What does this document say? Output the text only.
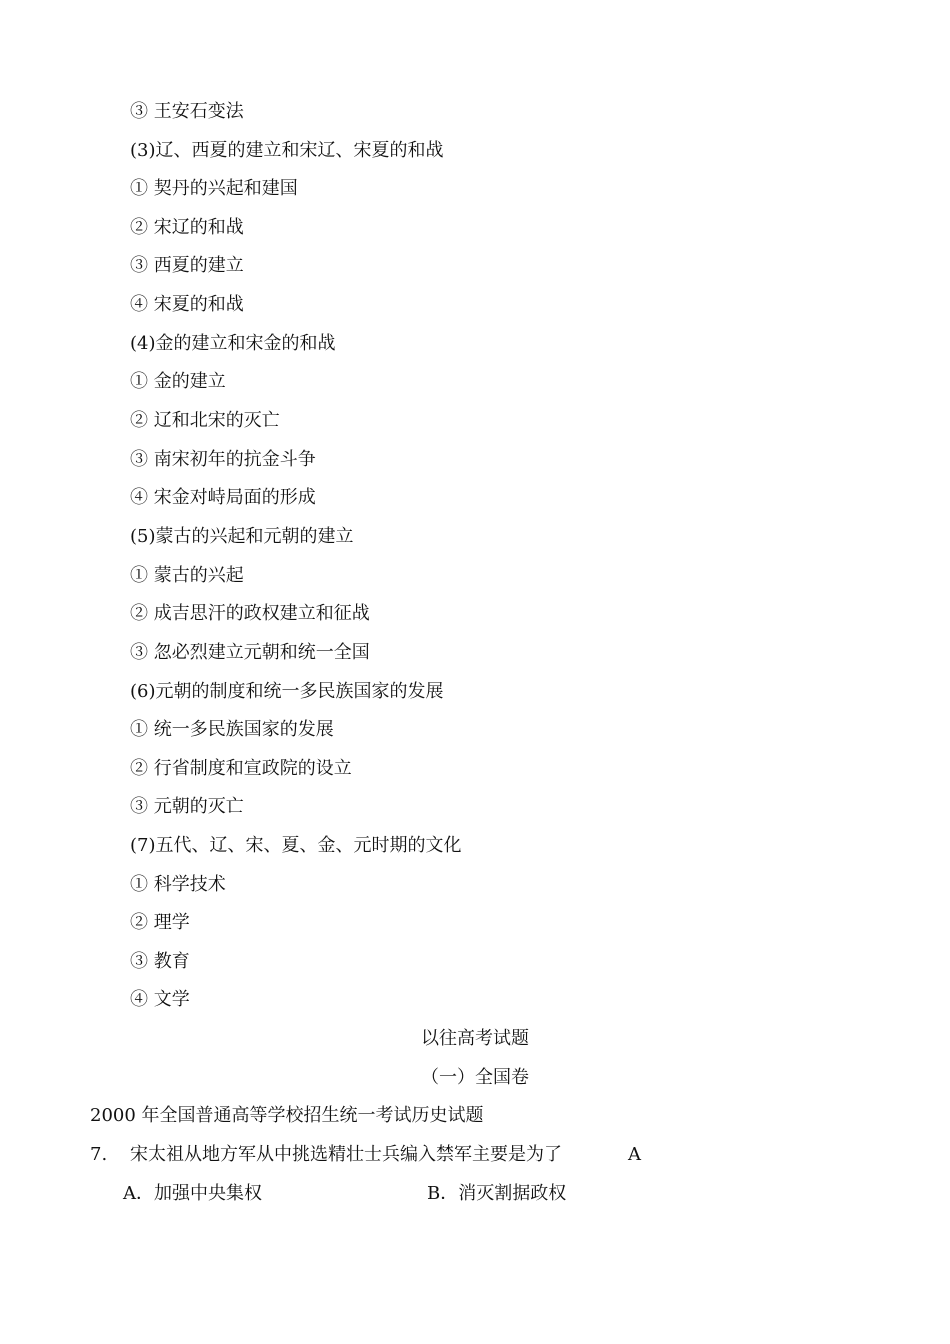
③ 王安石变法
(3)辽、西夏的建立和宋辽、宋夏的和战
① 契丹的兴起和建国
② 宋辽的和战
③ 西夏的建立
④ 宋夏的和战
(4)金的建立和宋金的和战
① 金的建立
② 辽和北宋的灭亡
③ 南宋初年的抗金斗争
④ 宋金对峙局面的形成
(5)蒙古的兴起和元朝的建立
① 蒙古的兴起
② 成吉思汗的政权建立和征战
③ 忽必烈建立元朝和统一全国
(6)元朝的制度和统一多民族国家的发展
① 统一多民族国家的发展
② 行省制度和宣政院的设立
③ 元朝的灭亡
(7)五代、辽、宋、夏、金、元时期的文化
① 科学技术
② 理学
③ 教育
④ 文学
以往高考试题
（一）全国卷
2000 年全国普通高等学校招生统一考试历史试题
7. 宋太祖从地方军从中挑选精壮士兵编入禁军主要是为了	A
A．加强中央集权	B．消灭割据政权
